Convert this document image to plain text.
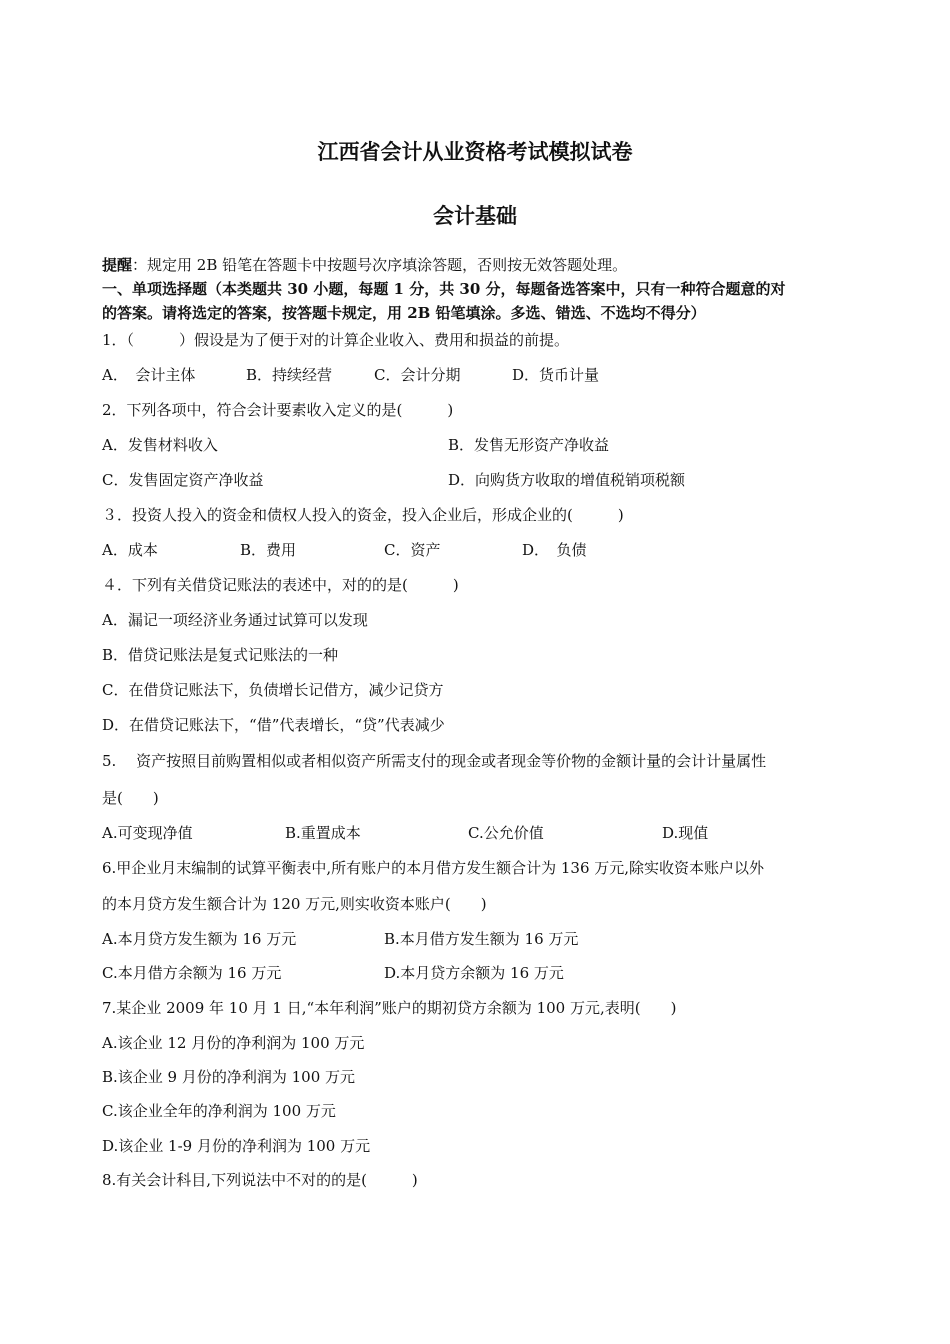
江西省会计从业资格考试模拟试卷
会计基础
提醒：规定用 2B 铅笔在答题卡中按题号次序填涂答题，否则按无效答题处理。
一、单项选择题（本类题共 30 小题，每题 1 分，共 30 分，每题备选答案中，只有一种符合题意的对
的答案。请将选定的答案，按答题卡规定，用 2B 铅笔填涂。多选、错选、不选均不得分）
1．（　　　）假设是为了便于对的计算企业收入、费用和损益的前提。
A．　会计主体	B．持续经营	C．会计分期	D．货币计量
2．下列各项中，符合会计要素收入定义的是(　　　)
A．发售材料收入	B．发售无形资产净收益
C．发售固定资产净收益	D．向购货方收取的增值税销项税额
３．投资人投入的资金和债权人投入的资金，投入企业后，形成企业的(　　　)
A．成本	B．费用	C．资产	D．　负债
４．下列有关借贷记账法的表述中，对的的是(　　　)
A．漏记一项经济业务通过试算可以发现
B．借贷记账法是复式记账法的一种
C．在借贷记账法下，负债增长记借方，减少记贷方
D．在借贷记账法下，“借”代表增长，“贷”代表减少
5.　 资产按照目前购置相似或者相似资产所需支付的现金或者现金等价物的金额计量的会计计量属性
是(　　)
A.可变现净值	B.重置成本	C.公允价值	D.现值
6.甲企业月末编制的试算平衡表中,所有账户的本月借方发生额合计为 136 万元,除实收资本账户以外
的本月贷方发生额合计为 120 万元,则实收资本账户(　　)
A.本月贷方发生额为 16 万元	B.本月借方发生额为 16 万元
C.本月借方余额为 16 万元	D.本月贷方余额为 16 万元
7.某企业 2009 年 10 月 1 日,“本年利润”账户的期初贷方余额为 100 万元,表明(　　)
A.该企业 12 月份的净利润为 100 万元
B.该企业 9 月份的净利润为 100 万元
C.该企业全年的净利润为 100 万元
D.该企业 1-9 月份的净利润为 100 万元
8.有关会计科目,下列说法中不对的的是(　　　)
